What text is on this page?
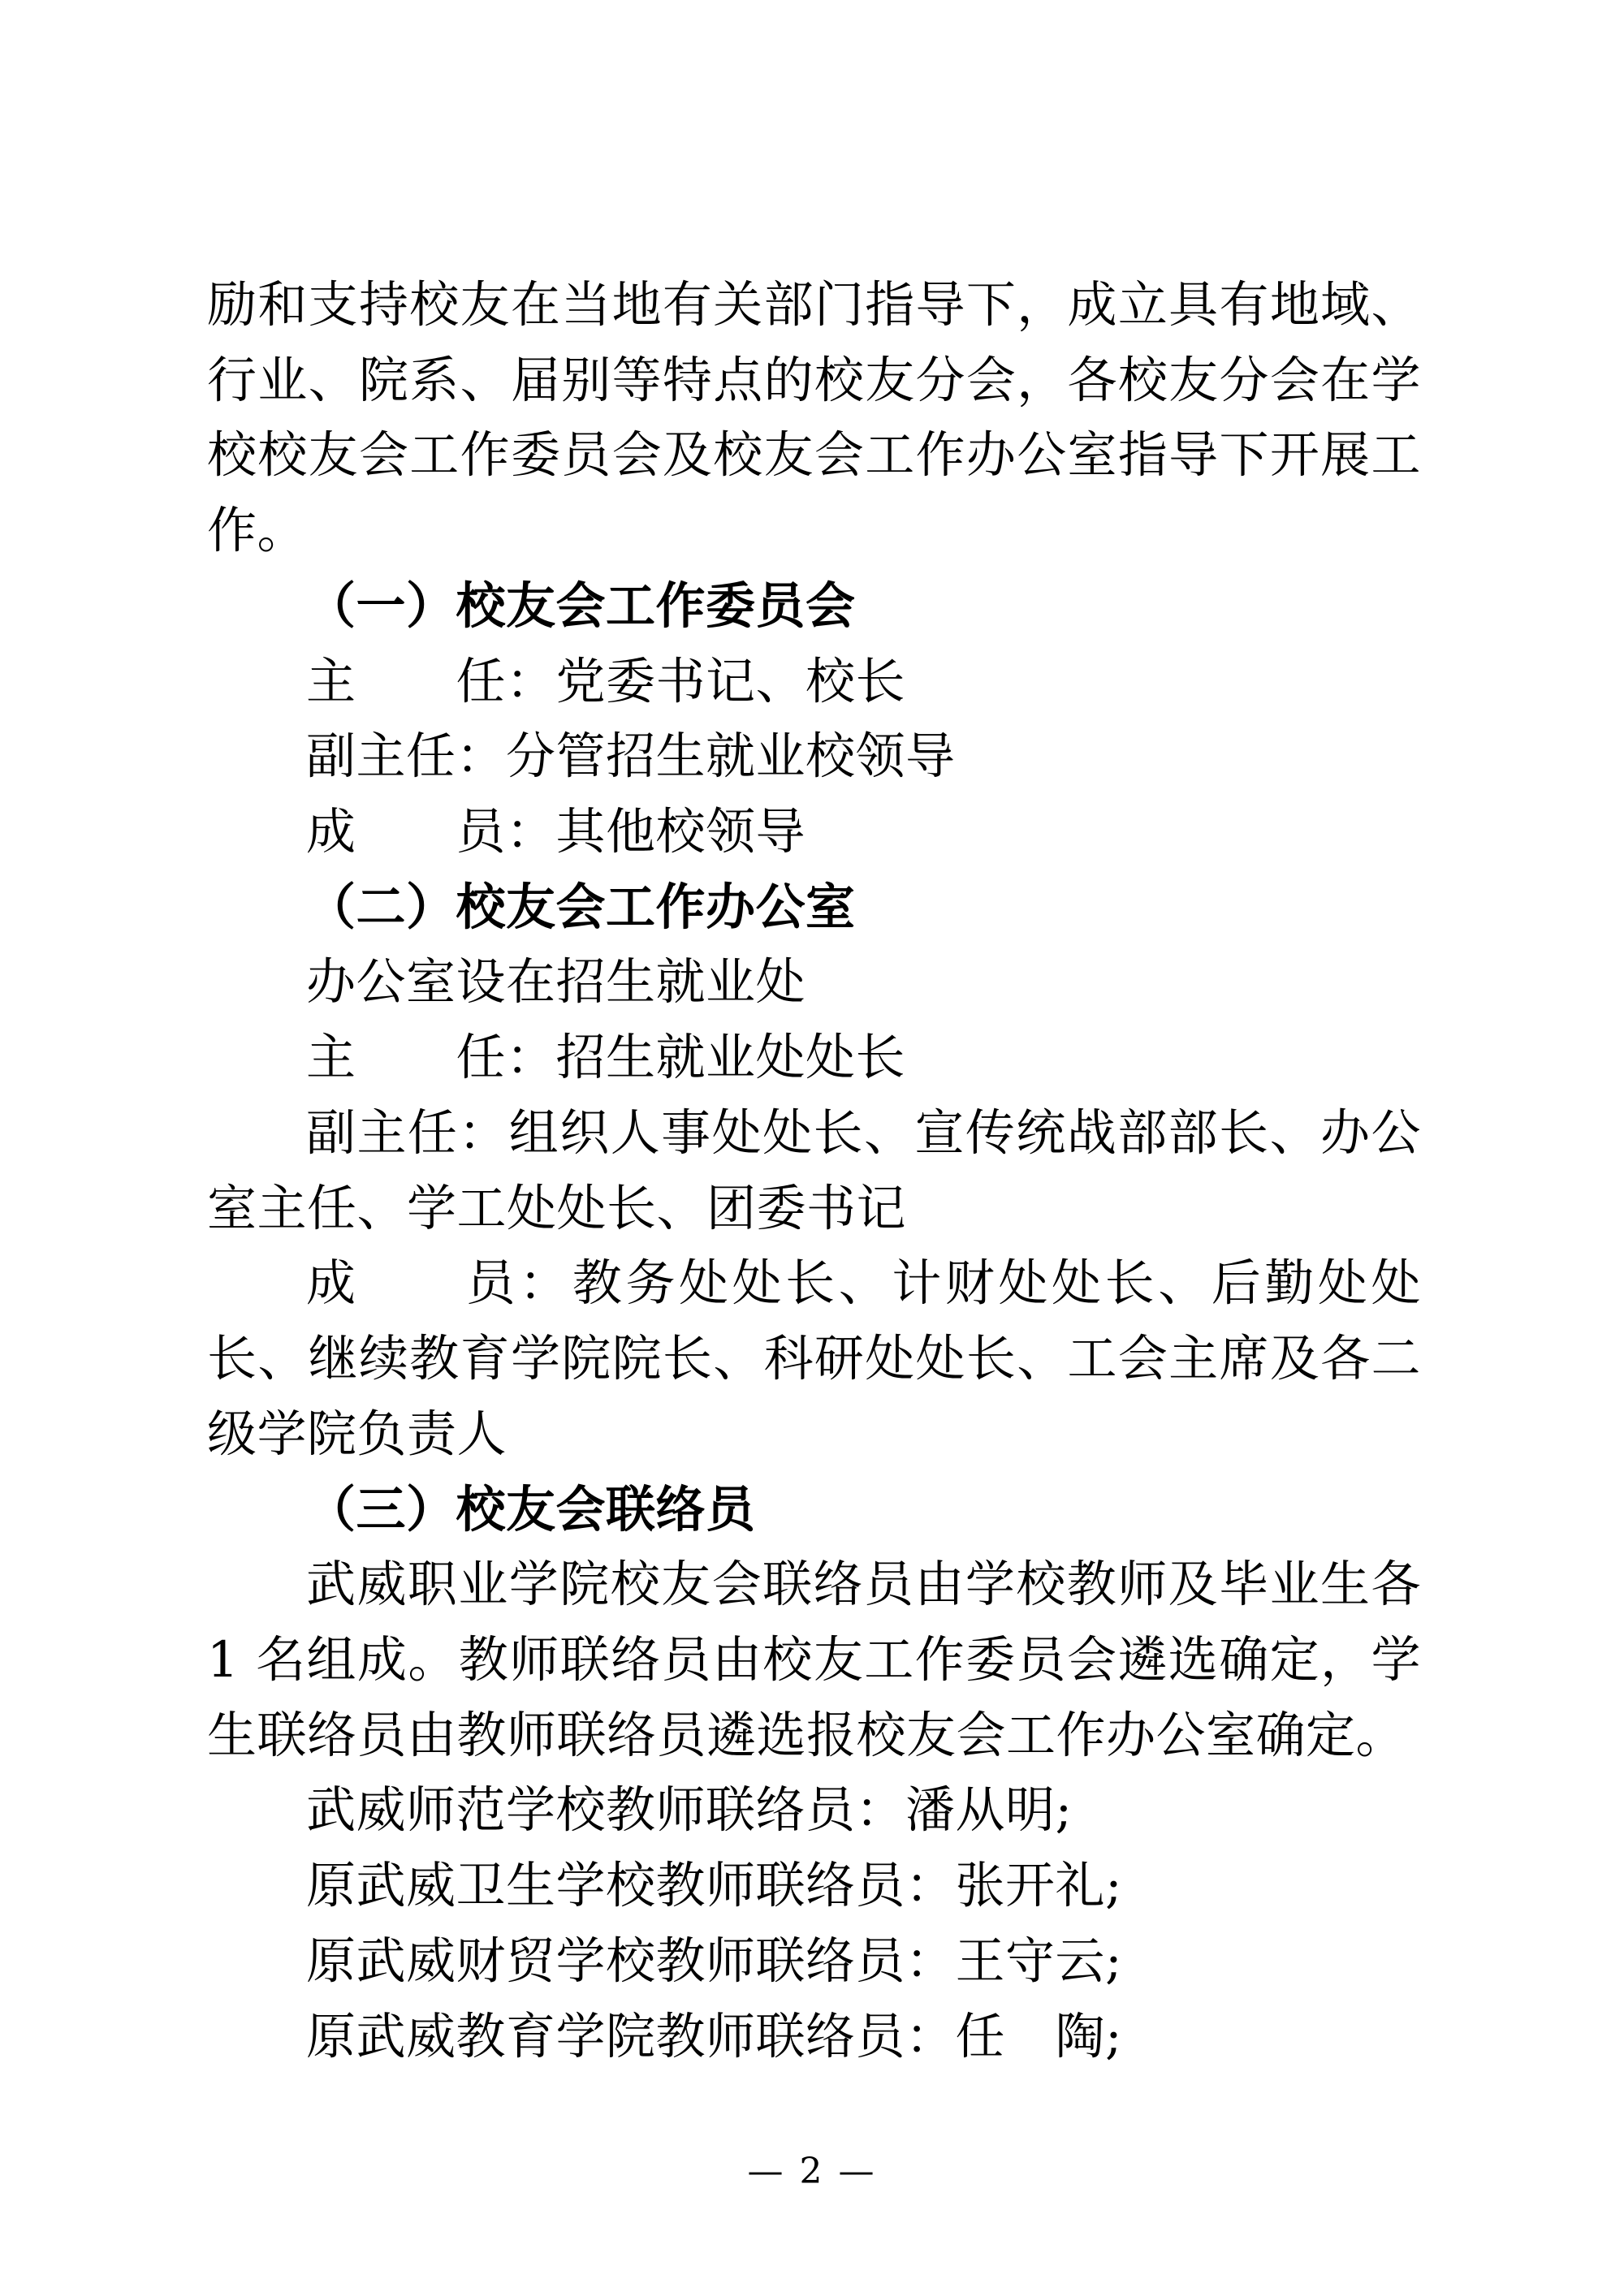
励和支持校友在当地有关部门指导下，成立具有地域、行业、院系、届别等特点的校友分会，各校友分会在学校校友会工作委员会及校友会工作办公室指导下开展工作。

（一）校友会工作委员会

主　　任：党委书记、校长

副主任：分管招生就业校领导

成　　员：其他校领导

（二）校友会工作办公室

办公室设在招生就业处

主　　任：招生就业处处长

副主任：组织人事处处长、宣传统战部部长、办公室主任、学工处处长、团委书记

成　　员：教务处处长、计财处处长、后勤处处长、继续教育学院院长、科研处处长、工会主席及各二级学院负责人

（三）校友会联络员

武威职业学院校友会联络员由学校教师及毕业生各 1 名组成。教师联络员由校友工作委员会遴选确定，学生联络员由教师联络员遴选报校友会工作办公室确定。

武威师范学校教师联络员：潘从明;

原武威卫生学校教师联络员：张开礼;

原武威财贸学校教师联络员：王守云;

原武威教育学院教师联络员：任　陶;

— 2 —
